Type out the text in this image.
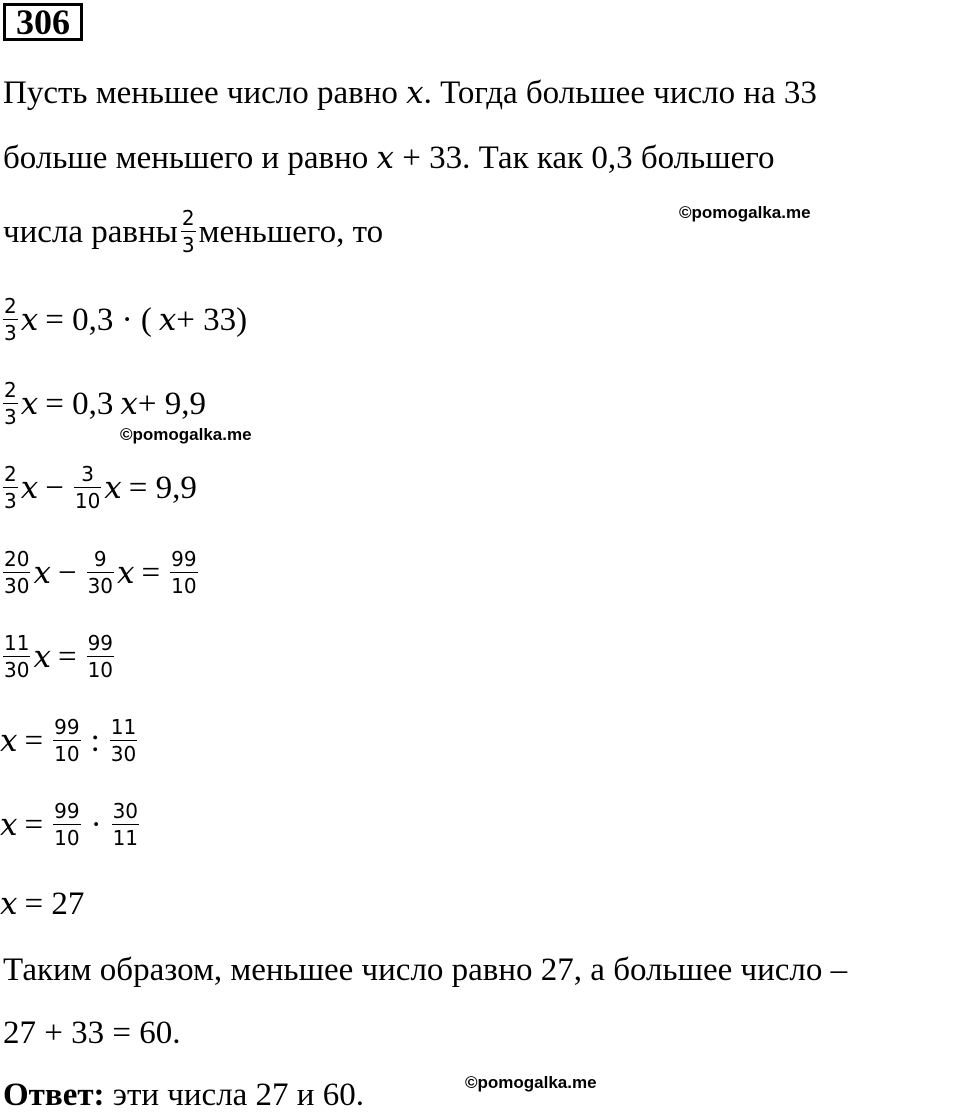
306
Пусть меньшее число равно x. Тогда большее число на 33
больше меньшего и равно x + 33. Так как 0,3 большего
числа равны $\frac{2}{3}$ меньшего, то
©pomogalka.me
$\frac{2}{3}$ x = 0,3 · ( x + 33)
$\frac{2}{3}$ x = 0,3 x + 9,9
©pomogalka.me
$\frac{2}{3}$ $x - \frac{3}{10}$ x = 9,9
$\frac{20}{30}$ $x - \frac{9}{30}$ $x = \frac{99}{10}$
$\frac{11}{30}$ $x = \frac{99}{10}$
$x = \frac{99}{10}$ : $\frac{11}{30}$
$x = \frac{99}{10} \cdot \frac{30}{11}$
x = 27
Таким образом, меньшее число равно 27, а большее число –
27 + 33 = 60.
Ответ: эти числа 27 и 60.	©pomogalka.me
